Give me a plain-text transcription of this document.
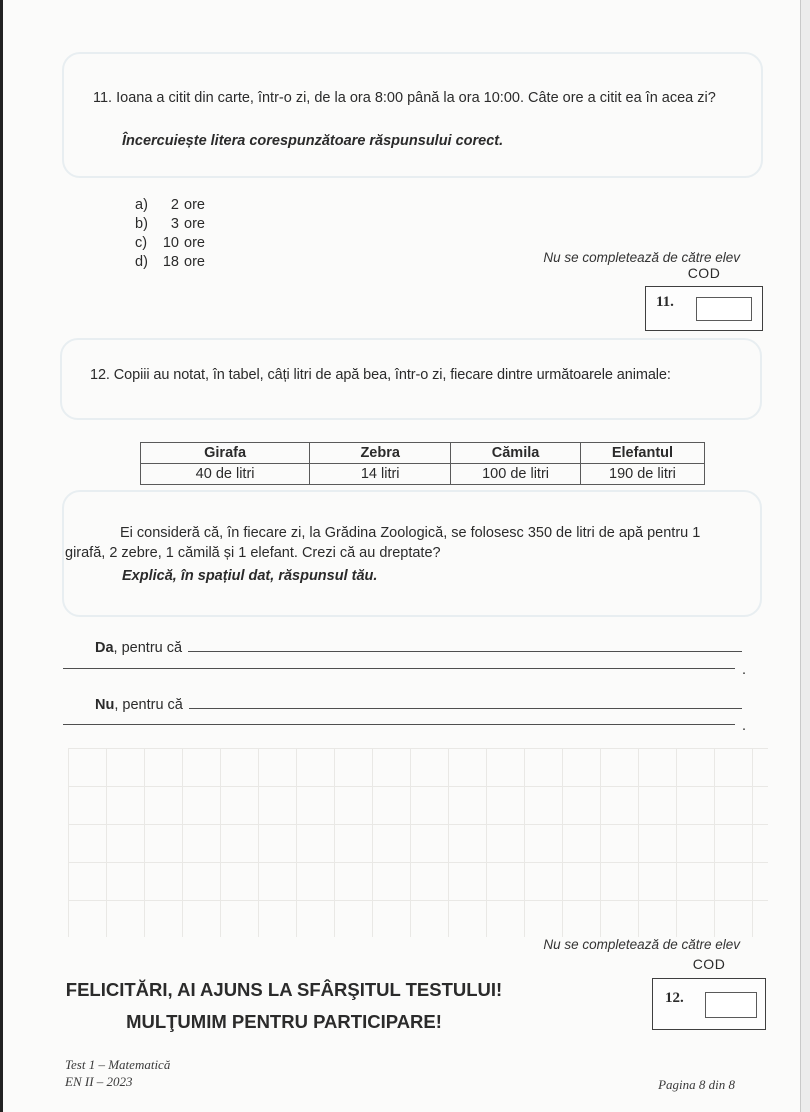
11. Ioana a citit din carte, într-o zi, de la ora 8:00 până la ora 10:00. Câte ore a citit ea în acea zi?

Încercuiește litera corespunzătoare răspunsului corect.

a)	2 ore
b)	3 ore
c)	10 ore
d)	18 ore	Nu se completează de către elev
COD
11.

12. Copiii au notat, în tabel, câți litri de apă bea, într-o zi, fiecare dintre următoarele animale:

Girafa	Zebra	Cămila	Elefantul
40 de litri	14 litri	100 de litri	190 de litri

Ei consideră că, în fiecare zi, la Grădina Zoologică, se folosesc 350 de litri de apă pentru 1 girafă, 2 zebre, 1 cămilă și 1 elefant. Crezi că au dreptate?

Explică, în spațiul dat, răspunsul tău.

Da , pentru că
.
Nu , pentru că
.
Nu se completează de către elev
COD
12.
FELICITĂRI, AI AJUNS LA SFÂRŞITUL TESTULUI!
MULŢUMIM PENTRU PARTICIPARE!
Test 1 – Matematică
EN II – 2023	Pagina 8 din 8
